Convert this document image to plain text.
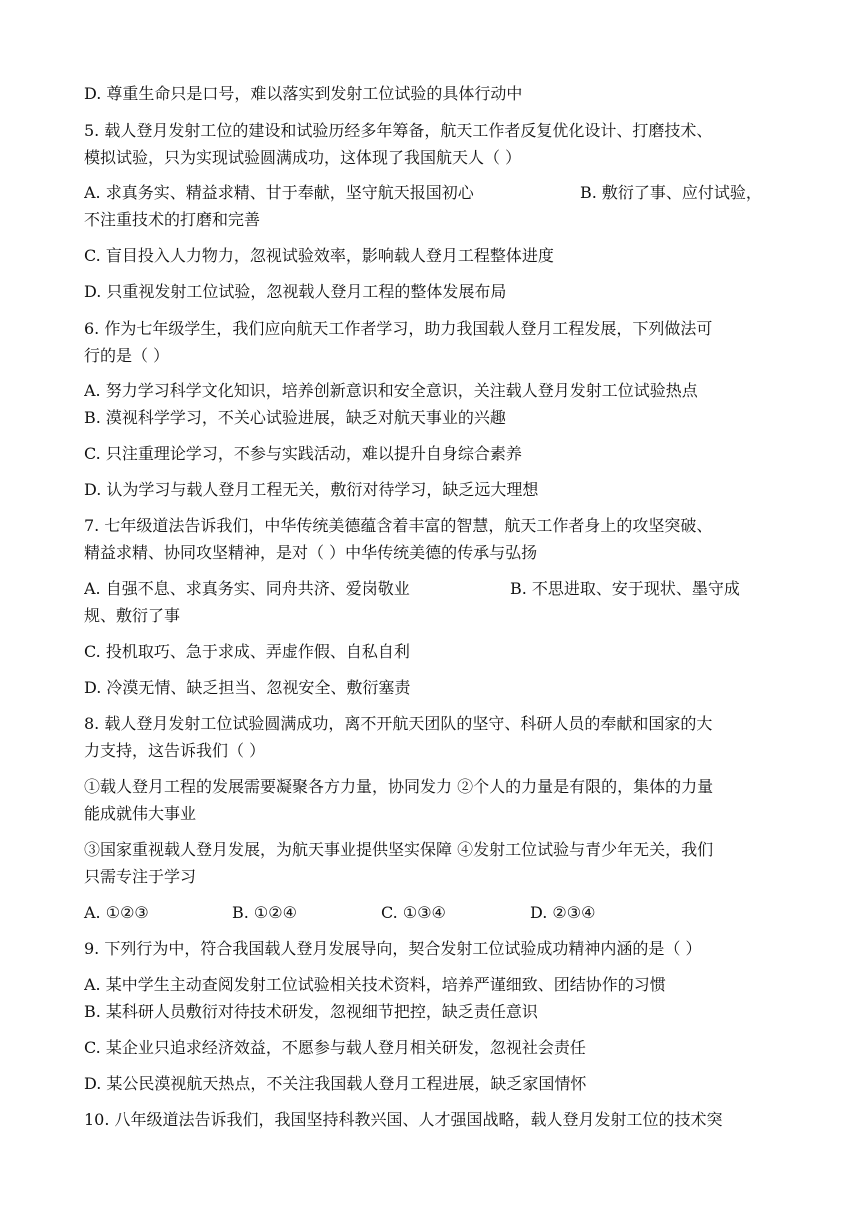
D. 尊重生命只是口号，难以落实到发射工位试验的具体行动中
5. 载人登月发射工位的建设和试验历经多年筹备，航天工作者反复优化设计、打磨技术、
模拟试验，只为实现试验圆满成功，这体现了我国航天人（ ）
A. 求真务实、精益求精、甘于奉献，坚守航天报国初心	B. 敷衍了事、应付试验，
不注重技术的打磨和完善
C. 盲目投入人力物力，忽视试验效率，影响载人登月工程整体进度
D. 只重视发射工位试验，忽视载人登月工程的整体发展布局
6. 作为七年级学生，我们应向航天工作者学习，助力我国载人登月工程发展，下列做法可
行的是（ ）
A. 努力学习科学文化知识，培养创新意识和安全意识，关注载人登月发射工位试验热点
B. 漠视科学学习，不关心试验进展，缺乏对航天事业的兴趣
C. 只注重理论学习，不参与实践活动，难以提升自身综合素养
D. 认为学习与载人登月工程无关，敷衍对待学习，缺乏远大理想
7. 七年级道法告诉我们，中华传统美德蕴含着丰富的智慧，航天工作者身上的攻坚突破、
精益求精、协同攻坚精神，是对（ ）中华传统美德的传承与弘扬
A. 自强不息、求真务实、同舟共济、爱岗敬业	B. 不思进取、安于现状、墨守成
规、敷衍了事
C. 投机取巧、急于求成、弄虚作假、自私自利
D. 冷漠无情、缺乏担当、忽视安全、敷衍塞责
8. 载人登月发射工位试验圆满成功，离不开航天团队的坚守、科研人员的奉献和国家的大
力支持，这告诉我们（ ）
①载人登月工程的发展需要凝聚各方力量，协同发力 ②个人的力量是有限的，集体的力量
能成就伟大事业
③国家重视载人登月发展，为航天事业提供坚实保障 ④发射工位试验与青少年无关，我们
只需专注于学习
A. ①②③	B. ①②④	C. ①③④	D. ②③④
9. 下列行为中，符合我国载人登月发展导向，契合发射工位试验成功精神内涵的是（ ）
A. 某中学生主动查阅发射工位试验相关技术资料，培养严谨细致、团结协作的习惯
B. 某科研人员敷衍对待技术研发，忽视细节把控，缺乏责任意识
C. 某企业只追求经济效益，不愿参与载人登月相关研发，忽视社会责任
D. 某公民漠视航天热点，不关注我国载人登月工程进展，缺乏家国情怀
10. 八年级道法告诉我们，我国坚持科教兴国、人才强国战略，载人登月发射工位的技术突
